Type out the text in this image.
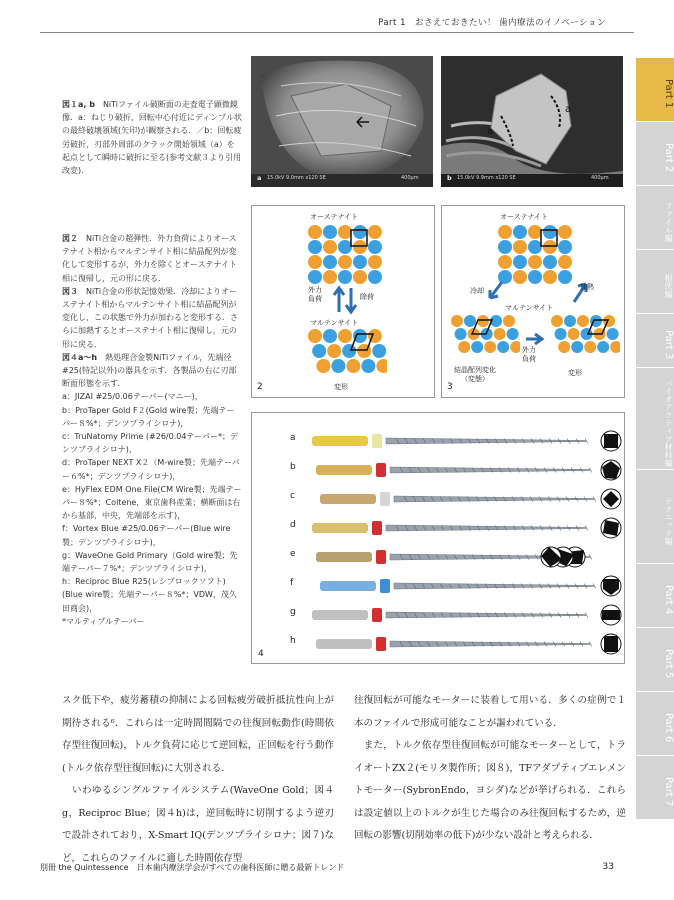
Part 1　おさえておきたい！ 歯内療法のイノベーション
Part 1
Part 2
ファイル編
根洗編
Part 3
バイオアクティブ材料編
テクニック編
Part 4
Part 5
Part 6
Part 7

図１a, b　NiTiファイル破断面の走査電子顕微鏡像．a：ねじり破折，回転中心付近にディンプル状の最終破壊領域(矢印)が観察される．／b：回転疲労破折，刃部外周部のクラック開始領域（a）を起点として瞬時に破折に至る(参考文献３より引用改変)．

a 15.0kV 9.0mm x120 SE	400μm
a
a
b 15.0kV 9.9mm x120 SE	400μm

図２　NiTi合金の超弾性．外力負荷によりオーステナイト相からマルテンサイト相に結晶配列が変化して変形するが，外力を除くとオーステナイト相に復帰し，元の形に戻る．

図３　NiTi合金の形状記憶効果．冷却によりオーステナイト相からマルテンサイト相に結晶配列が変化し，この状態で外力が加わると変形する．さらに加熱するとオーステナイト相に復帰し，元の形に戻る．

図４a～h　熱処理合金製NiTiファイル，先端径#25(特記以外)の器具を示す．各製品の右に刃部断面形態を示す．

a：JIZAI #25/0.06テーパー(マニー)，

b：ProTaper Gold F２(Gold wire製；先端テーパー８%*；デンツプライシロナ)，

c：TruNatomy Prime (#26/0.04テーパー*；デンツプライシロナ)，

d：ProTaper NEXT X２（M-wire製；先端テーパー６%*；デンツプライシロナ)，

e：HyFlex EDM One File(CM Wire製；先端テーパー８%*；Coltene，東京歯科産業；横断面は右から基部，中央，先端部を示す)，

f：Vortex Blue #25/0.06テーパー(Blue wire製；デンツプライシロナ)，

g：WaveOne Gold Primary（Gold wire製；先端テーパー７%*；デンツプライシロナ)，

h：Reciproc Blue R25(レシプロックソフト)(Blue wire製；先端テーパー８%*；VDW，茂久田商会)，

*マルティプルテーパー

オーステナイト
外力
負荷	除荷
マルテンサイト
変形
2
オーステナイト
冷却	加熱
マルテンサイト
外力
負荷
結晶配列変化
（変態）
変形
3
a
b
c
d
e
f
g
h
4

スク低下や，疲労蓄積の抑制による回転疲労破折抵抗性向上が期待される⁶．これらは一定時間間隔での往復回転動作(時間依存型往復回転)，トルク負荷に応じて逆回転，正回転を行う動作(トルク依存型往復回転)に大別される．

　いわゆるシングルファイルシステム(WaveOne Gold；図４g，Reciproc Blue；図４h)は，逆回転時に切削するよう逆刃で設計されており，X-Smart IQ(デンツプライシロナ；図７)など，これらのファイルに適した時間依存型

往復回転が可能なモーターに装着して用いる．多くの症例で１本のファイルで形成可能なことが謳われている．

　また，トルク依存型往復回転が可能なモーターとして，トライオートZX２(モリタ製作所；図８)，TFアダプティブエレメントモーター(SybronEndo，ヨシダ)などが挙げられる．これらは設定値以上のトルクが生じた場合のみ往復回転するため，逆回転の影響(切削効率の低下)が少ない設計と考えられる．

別冊 the Quintessence　日本歯内療法学会がすべての歯科医師に贈る最新トレンド	33
